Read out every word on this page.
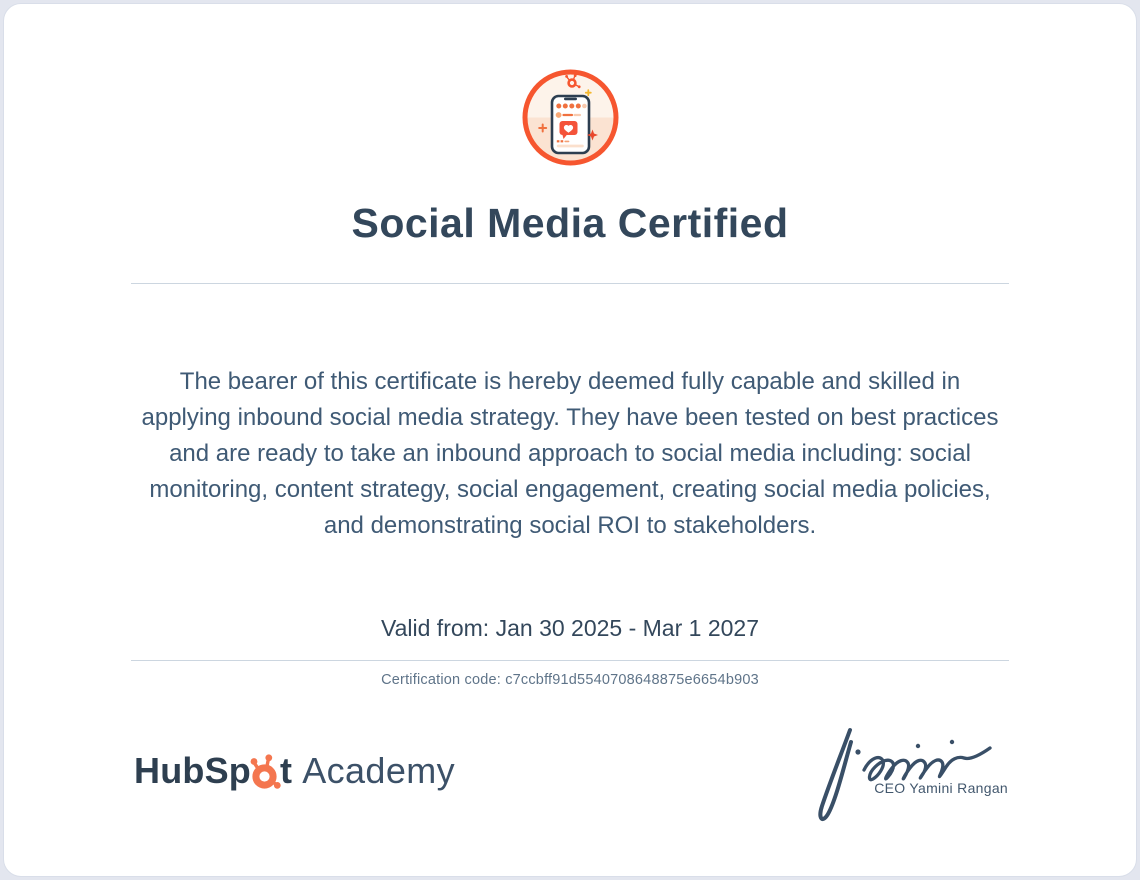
Social Media Certified

The bearer of this certificate is hereby deemed fully capable and skilled in applying inbound social media strategy. They have been tested on best practices and are ready to take an inbound approach to social media including: social monitoring, content strategy, social engagement, creating social media policies, and demonstrating social ROI to stakeholders.

Valid from: Jan 30 2025 - Mar 1 2027

Certification code: c7ccbff91d5540708648875e6654b903

HubSp t Academy	CEO Yamini Rangan
